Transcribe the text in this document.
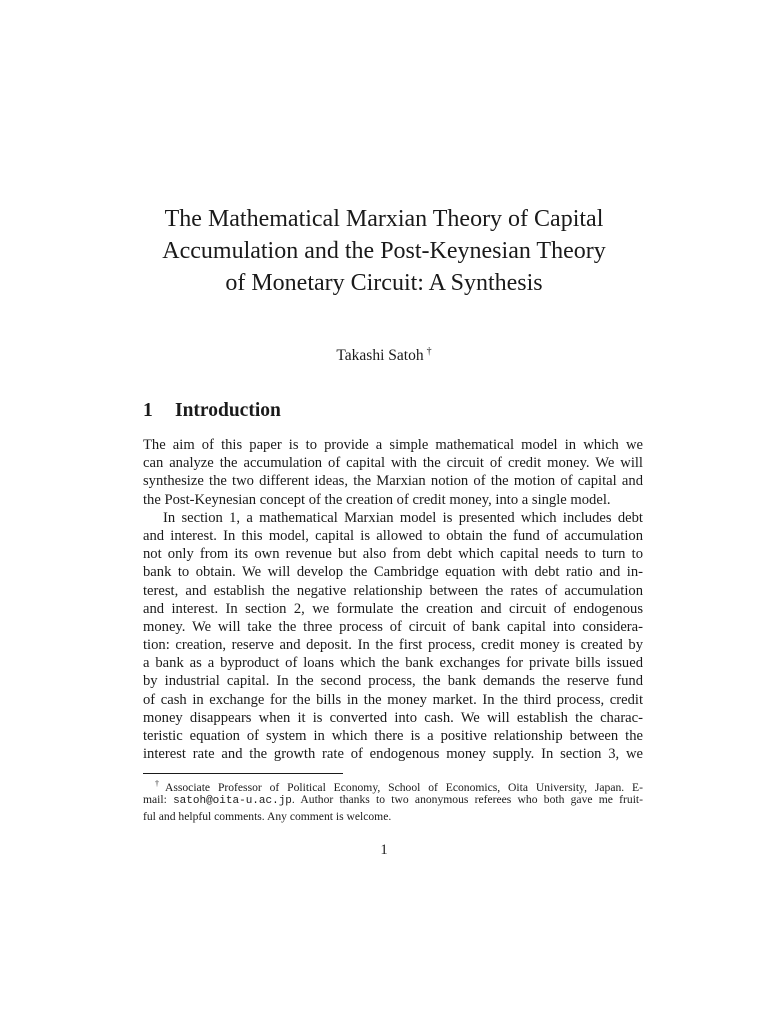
The Mathematical Marxian Theory of Capital
Accumulation and the Post-Keynesian Theory
of Monetary Circuit: A Synthesis
Takashi Satoh †
1 Introduction
The aim of this paper is to provide a simple mathematical model in which we
can analyze the accumulation of capital with the circuit of credit money. We will
synthesize the two different ideas, the Marxian notion of the motion of capital and
the Post-Keynesian concept of the creation of credit money, into a single model.
In section 1, a mathematical Marxian model is presented which includes debt
and interest. In this model, capital is allowed to obtain the fund of accumulation
not only from its own revenue but also from debt which capital needs to turn to
bank to obtain. We will develop the Cambridge equation with debt ratio and in-
terest, and establish the negative relationship between the rates of accumulation
and interest. In section 2, we formulate the creation and circuit of endogenous
money. We will take the three process of circuit of bank capital into considera-
tion: creation, reserve and deposit. In the first process, credit money is created by
a bank as a byproduct of loans which the bank exchanges for private bills issued
by industrial capital. In the second process, the bank demands the reserve fund
of cash in exchange for the bills in the money market. In the third process, credit
money disappears when it is converted into cash. We will establish the charac-
teristic equation of system in which there is a positive relationship between the
interest rate and the growth rate of endogenous money supply. In section 3, we
†Associate Professor of Political Economy, School of Economics, Oita University, Japan. E-
mail: satoh@oita-u.ac.jp. Author thanks to two anonymous referees who both gave me fruit-
ful and helpful comments. Any comment is welcome.
1
